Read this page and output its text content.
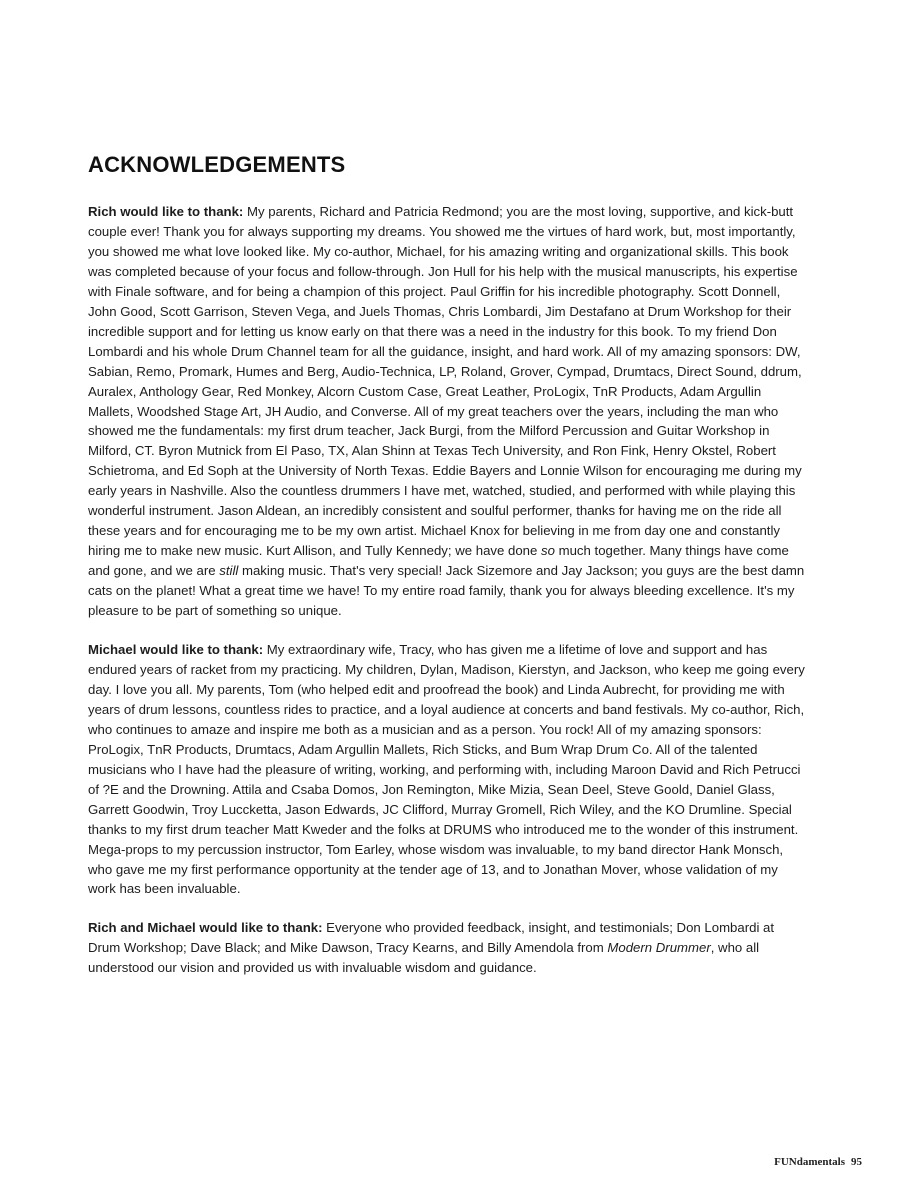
ACKNOWLEDGEMENTS

Rich would like to thank: My parents, Richard and Patricia Redmond; you are the most loving, supportive, and kick-butt couple ever! Thank you for always supporting my dreams. You showed me the virtues of hard work, but, most importantly, you showed me what love looked like. My co-author, Michael, for his amazing writing and organizational skills. This book was completed because of your focus and follow-through. Jon Hull for his help with the musical manuscripts, his expertise with Finale software, and for being a champion of this project. Paul Griffin for his incredible photography. Scott Donnell, John Good, Scott Garrison, Steven Vega, and Juels Thomas, Chris Lombardi, Jim Destafano at Drum Workshop for their incredible support and for letting us know early on that there was a need in the industry for this book. To my friend Don Lombardi and his whole Drum Channel team for all the guidance, insight, and hard work. All of my amazing sponsors: DW, Sabian, Remo, Promark, Humes and Berg, Audio-Technica, LP, Roland, Grover, Cympad, Drumtacs, Direct Sound, ddrum, Auralex, Anthology Gear, Red Monkey, Alcorn Custom Case, Great Leather, ProLogix, TnR Products, Adam Argullin Mallets, Woodshed Stage Art, JH Audio, and Converse. All of my great teachers over the years, including the man who showed me the fundamentals: my first drum teacher, Jack Burgi, from the Milford Percussion and Guitar Workshop in Milford, CT. Byron Mutnick from El Paso, TX, Alan Shinn at Texas Tech University, and Ron Fink, Henry Okstel, Robert Schietroma, and Ed Soph at the University of North Texas. Eddie Bayers and Lonnie Wilson for encouraging me during my early years in Nashville. Also the countless drummers I have met, watched, studied, and performed with while playing this wonderful instrument. Jason Aldean, an incredibly consistent and soulful performer, thanks for having me on the ride all these years and for encouraging me to be my own artist. Michael Knox for believing in me from day one and constantly hiring me to make new music. Kurt Allison, and Tully Kennedy; we have done so much together. Many things have come and gone, and we are still making music. That's very special! Jack Sizemore and Jay Jackson; you guys are the best damn cats on the planet! What a great time we have! To my entire road family, thank you for always bleeding excellence. It's my pleasure to be part of something so unique.

Michael would like to thank: My extraordinary wife, Tracy, who has given me a lifetime of love and support and has endured years of racket from my practicing. My children, Dylan, Madison, Kierstyn, and Jackson, who keep me going every day. I love you all. My parents, Tom (who helped edit and proofread the book) and Linda Aubrecht, for providing me with years of drum lessons, countless rides to practice, and a loyal audience at concerts and band festivals. My co-author, Rich, who continues to amaze and inspire me both as a musician and as a person. You rock! All of my amazing sponsors: ProLogix, TnR Products, Drumtacs, Adam Argullin Mallets, Rich Sticks, and Bum Wrap Drum Co. All of the talented musicians who I have had the pleasure of writing, working, and performing with, including Maroon David and Rich Petrucci of ?E and the Drowning. Attila and Csaba Domos, Jon Remington, Mike Mizia, Sean Deel, Steve Goold, Daniel Glass, Garrett Goodwin, Troy Luccketta, Jason Edwards, JC Clifford, Murray Gromell, Rich Wiley, and the KO Drumline. Special thanks to my first drum teacher Matt Kweder and the folks at DRUMS who introduced me to the wonder of this instrument. Mega-props to my percussion instructor, Tom Earley, whose wisdom was invaluable, to my band director Hank Monsch, who gave me my first performance opportunity at the tender age of 13, and to Jonathan Mover, whose validation of my work has been invaluable.

Rich and Michael would like to thank: Everyone who provided feedback, insight, and testimonials; Don Lombardi at Drum Workshop; Dave Black; and Mike Dawson, Tracy Kearns, and Billy Amendola from Modern Drummer, who all understood our vision and provided us with invaluable wisdom and guidance.

FUNdamentals 95
